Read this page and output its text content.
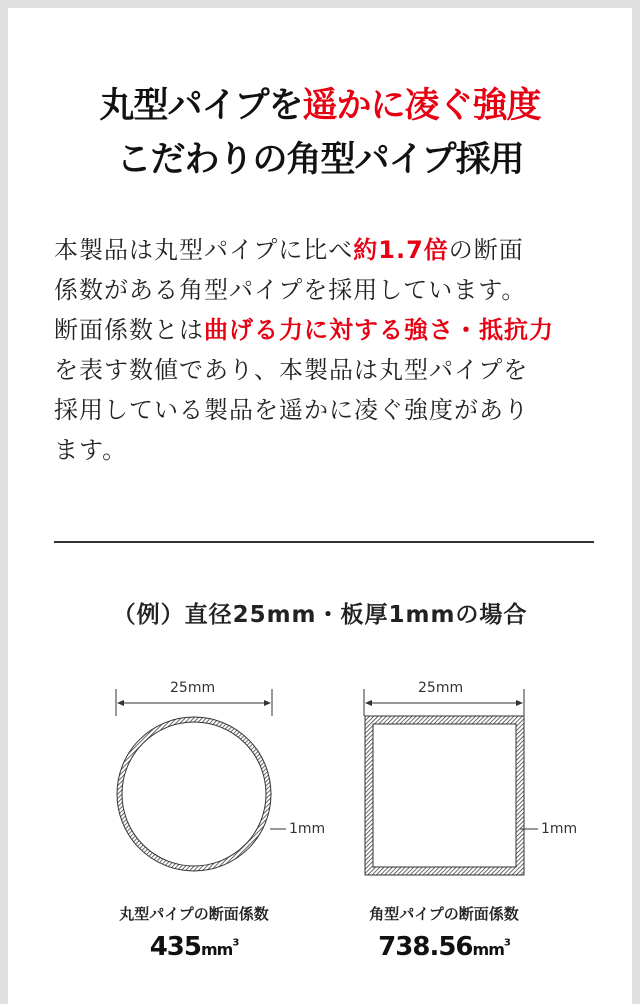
丸型パイプを遥かに凌ぐ強度
こだわりの角型パイプ採用
本製品は丸型パイプに比べ約1.7倍の断面
係数がある角型パイプを採用しています。
断面係数とは曲げる力に対する強さ・抵抗力
を表す数値であり、本製品は丸型パイプを
採用している製品を遥かに凌ぐ強度があり
ます。
（例）直径25mm・板厚1mmの場合
25mm
1mm
25mm
1mm
丸型パイプの断面係数	角型パイプの断面係数
$435mm^3$	$738.56mm^3$
